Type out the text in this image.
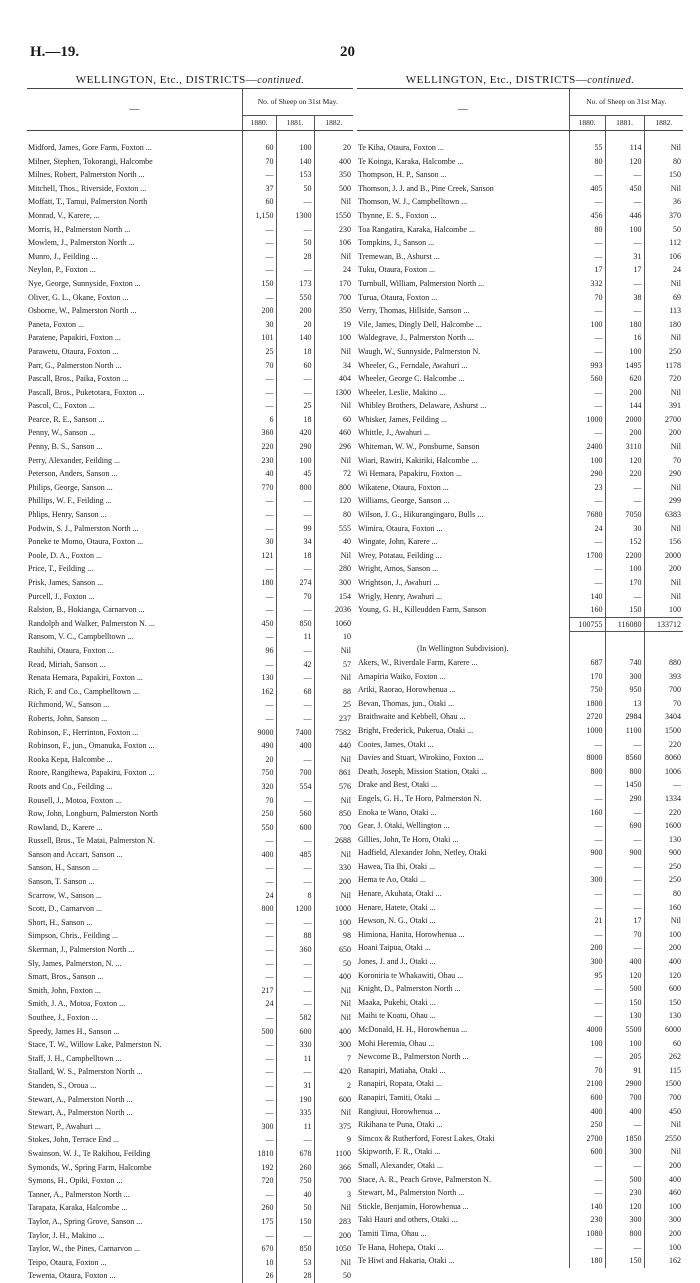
H.—19.	20
WELLINGTON, Etc., DISTRICTS—continued.
—	No. of Sheep on 31st May.		
	1880.	1881.	1882.

Midford, James, Gore Farm, Foxton ...	60	100	20
Milner, Stephen, Tokorangi, Halcombe	70	140	400
Milnes, Robert, Palmerston North ...	—	153	350
Mitchell, Thos., Riverside, Foxton ...	37	50	500
Moffatt, T., Tamui, Palmerston North	60	—	Nil
Monrad, V., Karere, ...	1,150	1300	1550
Morris, H., Palmerston North ...	—	—	230
Mowlem, J., Palmerston North ...	—	50	106
Munro, J., Feilding ...	—	28	Nil
Neylon, P., Foxton ...	—	—	24
Nye, George, Sunnyside, Foxton ...	150	173	170
Oliver, G. L., Okane, Foxton ...	—	550	700
Osborne, W., Palmerston North ...	200	200	350
Paneta, Foxton ...	30	20	19
Paratene, Papakiri, Foxton ...	101	140	100
Parawetu, Otaura, Foxton ...	25	18	Nil
Parr, G., Palmerston North ...	70	60	34
Pascall, Bros., Paika, Foxton ...	—	—	404
Pascall, Bros., Puketotara, Foxton ...	—	—	1300
Pascol, C., Foxton ...	—	25	Nil
Pearce, R. E., Sanson ...	6	18	60
Penny, W., Sanson ...	360	420	460
Penny, B. S., Sanson ...	220	290	296
Perry, Alexander, Feilding ...	230	100	Nil
Peterson, Anders, Sanson ...	40	45	72
Philips, George, Sanson ...	770	800	800
Phillips, W. F., Feilding ...	—	—	120
Phlips, Henry, Sanson ...	—	—	80
Podwin, S. J., Palmerston North ...	—	99	555
Poneke te Momo, Otaura, Foxton ...	30	34	40
Poole, D. A., Foxton ...	121	18	Nil
Price, T., Feilding ...	—	—	280
Prisk, James, Sanson ...	180	274	300
Purcell, J., Foxton ...	—	70	154
Ralston, B., Hokianga, Carnarvon ...	—	—	2036
Randolph and Walker, Palmerston N. ...	450	850	1060
Ransom, V. C., Campbelltown ...	—	11	10
Rauhihi, Otaura, Foxton ...	96	—	Nil
Read, Miriah, Sanson ...	—	42	57
Renata Hemara, Papakiri, Foxton ...	130	—	Nil
Rich, F. and Co., Campbelltown ...	162	68	88
Richmond, W., Sanson ...	—	—	25
Roberts, John, Sanson ...	—	—	237
Robinson, F., Herrinton, Foxton ...	9000	7400	7582
Robinson, F., jun., Omanuka, Foxton ...	490	400	440
Rooka Kepa, Halcombe ...	20	—	Nil
Roore, Rangihewa, Papakiru, Foxton ...	750	700	861
Roots and Co., Feilding ...	320	554	576
Rousell, J., Motoa, Foxton ...	70	—	Nil
Row, John, Longburn, Palmerston North	250	560	850
Rowland, D., Karere ...	550	600	700
Russell, Bros., Te Matai, Palmerston N.	—	—	2688
Sanson and Accart, Sanson ...	400	485	Nil
Sanson, H., Sanson ...	—	—	330
Sanson, T. Sanson ...	—	—	200
Scarrow, W., Sanson ...	24	8	Nil
Scott, D., Carnarvon ...	800	1200	1000
Short, H., Sanson ...	—	—	100
Simpson, Chris., Feilding ...	—	88	98
Skerman, J., Palmerston North ...	—	360	650
Sly, James, Palmerston, N. ...	—	—	50
Smart, Bros., Sanson ...	—	—	400
Smith, John, Foxton ...	217	—	Nil
Smith, J. A., Motoa, Foxton ...	24	—	Nil
Southee, J., Foxton ...	—	582	Nil
Speedy, James H., Sanson ...	500	600	400
Stace, T. W., Willow Lake, Palmerston N.	—	330	300
Staff, J. H., Campbelltown ...	—	11	7
Stallard, W. S., Palmerston North ...	—	—	420
Standen, S., Oroua ...	—	31	2
Stewart, A., Palmerston North ...	—	190	600
Stewart, A., Palmerston North ...	—	335	Nil
Stewart, P., Awahuri ...	300	11	375
Stokes, John, Terrace End ...	—	—	9
Swainson, W. J., Te Rakihou, Feilding	1810	678	1100
Symonds, W., Spring Farm, Halcombe	192	260	366
Symons, H., Opiki, Foxton ...	720	750	700
Tanner, A., Palmerston North ...	—	40	3
Tarapata, Karaka, Halcombe ...	260	50	Nil
Taylor, A., Spring Grove, Sanson ...	175	150	283
Taylor, J. H., Makino ...	—	—	200
Taylor, W., the Pines, Carnarvon ...	670	850	1050
Teipo, Otaura, Foxton ...	10	53	Nil
Tewenta, Otaura, Foxton ...	26	28	50
WELLINGTON, Etc., DISTRICTS—continued.
—	No. of Sheep on 31st May.		
	1880.	1881.	1882.

Te Kiha, Otaura, Foxton ...	55	114	Nil
Te Koinga, Karaka, Halcombe ...	80	120	80
Thompson, H. P., Sanson ...	—	—	150
Thomson, J. J. and B., Pine Creek, Sanson	405	450	Nil
Thomson, W. J., Campbelltown ...	—	—	36
Thynne, E. S., Foxton ...	456	446	370
Toa Rangatira, Karaka, Halcombe ...	80	100	50
Tompkins, J., Sanson ...	—	—	112
Tremewan, B., Ashurst ...	—	31	106
Tuku, Otaura, Foxton ...	17	17	24
Turnbull, William, Palmerston North ...	332	—	Nil
Turua, Otaura, Foxton ...	70	38	69
Verry, Thomas, Hillside, Sanson ...	—	—	113
Vile, James, Dingly Dell, Halcombe ...	100	180	180
Waldegrave, J., Palmerston North ...	—	16	Nil
Waugh, W., Sunnyside, Palmerston N.	—	100	250
Wheeler, G., Ferndale, Awahuri ...	993	1495	1178
Wheeler, George C. Halcombe ...	560	620	720
Wheeler, Leslie, Makino ...	—	200	Nil
Whibley Brothers, Delaware, Ashurst ...	—	144	391
Whisker, James, Feilding ...	1000	2000	2700
Whittle, J., Awahuri ...	—	200	200
Whiteman, W. W., Ponsburne, Sanson	2400	3110	Nil
Wiari, Rawiri, Kakiriki, Halcombe ...	100	120	70
Wi Hemara, Papakiru, Foxton ...	290	220	290
Wikatene, Otaura, Foxton ...	23	—	Nil
Williams, George, Sanson ...	—	—	299
Wilson, J. G., Hikurangingaro, Bulls ...	7680	7050	6383
Wimira, Otaura, Foxton ...	24	30	Nil
Wingate, John, Karere ...	—	152	156
Wrey, Potatau, Feilding ...	1700	2200	2000
Wright, Amos, Sanson ...	—	100	200
Wrightson, J., Awahuri ...	—	170	Nil
Wrigly, Henry, Awahuri ...	140	—	Nil
Young, G. H., Killeudden Farm, Sanson	160	150	100
	100755	116080	133712

(In Wellington Subdivision).			
Akers, W., Riverdale Farm, Karere ...	687	740	880
Amapiria Waiko, Foxton ...	170	300	393
Ariki, Raorao, Horowhenua ...	750	950	700
Bevan, Thomas, jun., Otaki ...	1800	13	70
Braithwaite and Kebbell, Ohau ...	2720	2984	3404
Bright, Frederick, Pukerua, Otaki ...	1000	1100	1500
Cootes, James, Otaki ...	—	—	220
Davies and Stuart, Wirokino, Foxton ...	8000	8560	8060
Death, Joseph, Mission Station, Otaki ...	800	800	1006
Drake and Best, Otaki ...	—	1450	—
Engels, G. H., Te Horo, Palmerston N.	—	290	1334
Enoka te Wano, Otaki ...	160	—	220
Gear, J. Otaki, Wellington ...	—	690	1600
Gillies, John, Te Horo, Otaki ...	—	—	130
Hadfield, Alexander John, Netley, Otaki	900	900	900
Hawea, Tia Ihi, Otaki ...	—	—	250
Hema te Ao, Otaki ...	300	—	250
Henare, Akuhata, Otaki ...	—	—	80
Henare, Hatete, Otaki ...	—	—	160
Hewson, N. G., Otaki ...	21	17	Nil
Himiona, Hanita, Horowhenua ...	—	70	100
Hoani Taipua, Otaki ...	200	—	200
Jones, J. and J., Otaki ...	300	400	400
Koroniria te Whakawiti, Ohau ...	95	120	120
Knight, D., Palmerston North ...	—	500	600
Maaka, Pukehi, Otaki ...	—	150	150
Maihi te Koatu, Ohau ...	—	130	130
McDonald, H. H., Horowhenua ...	4000	5500	6000
Mohi Heremia, Ohau ...	100	100	60
Newcome B., Palmerston North ...	—	205	262
Ranapiri, Matiaha, Otaki ...	70	91	115
Ranapiri, Ropata, Otaki ...	2100	2900	1500
Ranapiri, Tamiti, Otaki ...	600	700	700
Rangiuui, Horowhenua ...	400	400	450
Rikihana te Puna, Otaki ...	250	—	Nil
Simcox & Rutherford, Forest Lakes, Otaki	2700	1850	2550
Skipworth, F. R., Otaki ...	600	300	Nil
Small, Alexander, Otaki ...	—	—	200
Stace, A. R., Peach Grove, Palmerston N.	—	500	400
Stewart, M., Palmerston North ...	—	230	460
Stickle, Benjamin, Horowhenua ...	140	120	100
Taki Hauri and others, Otaki ...	230	300	300
Tamiti Tima, Ohau ...	1080	800	200
Te Hana, Hohepa, Otaki ...	—	—	100
Te Hiwi and Hakaria, Otaki ...	180	150	162
